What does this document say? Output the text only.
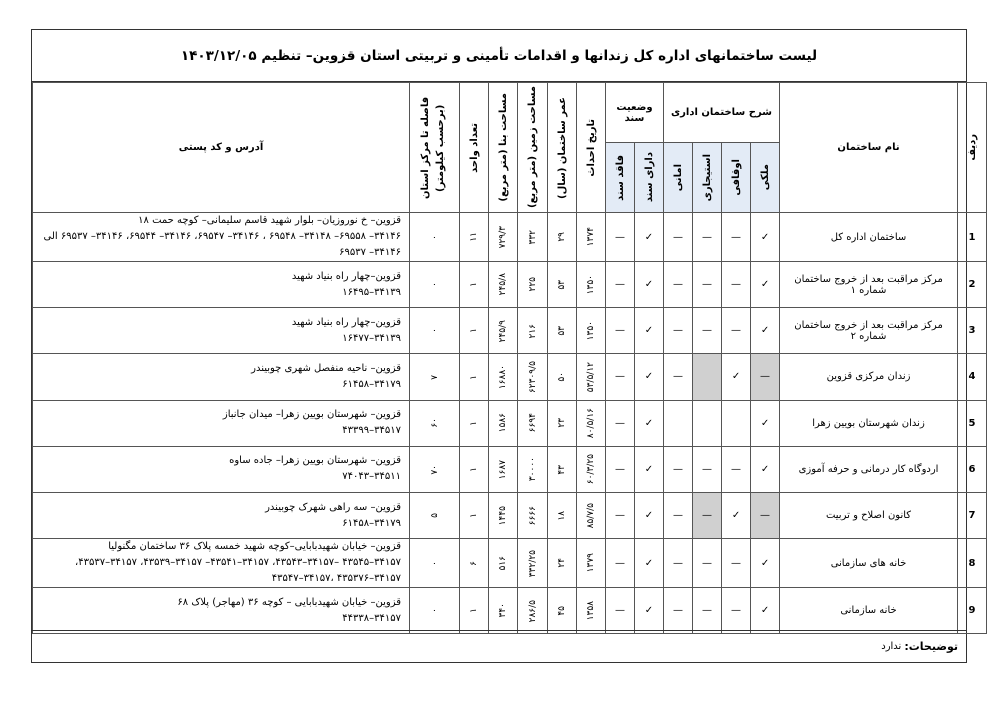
لیست ساختمانهای اداره کل زندانها و اقدامات تأمینی و تربیتی استان قزوین– تنظیم ۱۴۰۳/۱۲/۰۵
ردیف	نام ساختمان	شرح ساختمان اداری				وضعیت سند		تاریخ احداث	عمر ساختمان (سال)	مساحت زمین (متر مربع)	مساحت بنا (متر مربع)	تعداد واحد	فاصله تا مرکز استان (برحسب کیلومتر)	آدرس و کد پستی

		ملکی	اوقافی	استیجاری	امانی	دارای سند	فاقد سند							

1	ساختمان اداره کل	✓	—	—	—	✓	—	۱۳۷۴	۲۹	۳۳۲	۷۲۹/۳	۱۱	۰	قزوین– خ نوروزیان– بلوار شهید قاسم سلیمانی– کوچه حمت ۱۸
۳۴۱۴۶– ۶۹۵۵۸– ۳۴۱۴۸– ۶۹۵۴۸ ، ۳۴۱۴۶– ۶۹۵۴۷، ۳۴۱۴۶– ۶۹۵۴۴، ۳۴۱۴۶– ۶۹۵۳۷ الی ۳۴۱۴۶– ۶۹۵۳۷

2	مرکز مراقبت بعد از خروج ساختمان شماره ۱	✓	—	—	—	✓	—	۱۳۵۰	۵۳	۲۲۵	۲۴۵/۸	۱	۰	قزوین–چهار راه بنیاد شهید
۳۴۱۳۹–۱۶۴۹۵

3	مرکز مراقبت بعد از خروج ساختمان شماره ۲	✓	—	—	—	✓	—	۱۳۵۰	۵۳	۲۱۶	۲۴۵/۹	۱	۰	قزوین–چهار راه بنیاد شهید
۳۴۱۳۹–۱۶۴۷۷

4	زندان مرکزی قزوین	—	✓		—	✓	—	۵۳/۵/۱۲	۵۰	۶۲۳۰۹/۵	۱۶۸۸۰	۱	۷	قزوین– ناحیه منفصل شهری چوبیندر
۳۴۱۷۹–۶۱۴۵۸

5	زندان شهرستان بویین زهرا	✓				✓	—	۸۰/۵/۱۶	۲۳	۶۶۹۴	۱۵۸۶	۱	۶۰	قزوین– شهرستان بویین زهرا– میدان جانباز
۳۴۵۱۷–۴۳۳۹۹

6	اردوگاه کار درمانی و حرفه آموزی	✓	—	—	—	✓	—	۶۰/۳/۲۵	۴۳	۳۰۰۰۰	۱۶۸۷	۱	۷۰	قزوین– شهرستان بویین زهرا– جاده ساوه
۳۴۵۱۱–۷۴۰۴۳

7	کانون اصلاح و تربیت	—	✓	—	—	✓	—	۸۵/۷/۵	۱۸	۶۶۶۶	۱۴۴۵	۱	۵	قزوین– سه راهی شهرک چوبیندر
۳۴۱۷۹–۶۱۴۵۸

8	خانه های سازمانی	✓	—	—	—	✓	—	۱۳۷۹	۲۴	۳۳۲/۲۵	۵۱۶	۶	۰	قزوین– خیابان شهیدبابایی–کوچه شهید خمسه پلاک ۳۶ ساختمان مگنولیا
۳۴۱۵۷–۴۳۵۴۵ –۳۴۱۵۷–۴۳۵۴۳، ۳۴۱۵۷–۴۳۵۴۱– ۳۴۱۵۷–۴۳۵۳۹، ۳۴۱۵۷–۴۳۵۳۷، ۳۴۱۵۷–۴۳۵۳۷۶ ،۳۴۱۵۷–۴۳۵۴۷

9	خانه سازمانی	✓	—	—	—	✓	—	۱۳۵۸	۴۵	۲۸۶/۵	۳۴۰	۱	۰	قزوین– خیابان شهیدبابایی – کوچه ۳۶ (مهاجر) پلاک ۶۸
۳۴۱۵۷–۴۴۳۳۸
توضیحات:
ندارد
